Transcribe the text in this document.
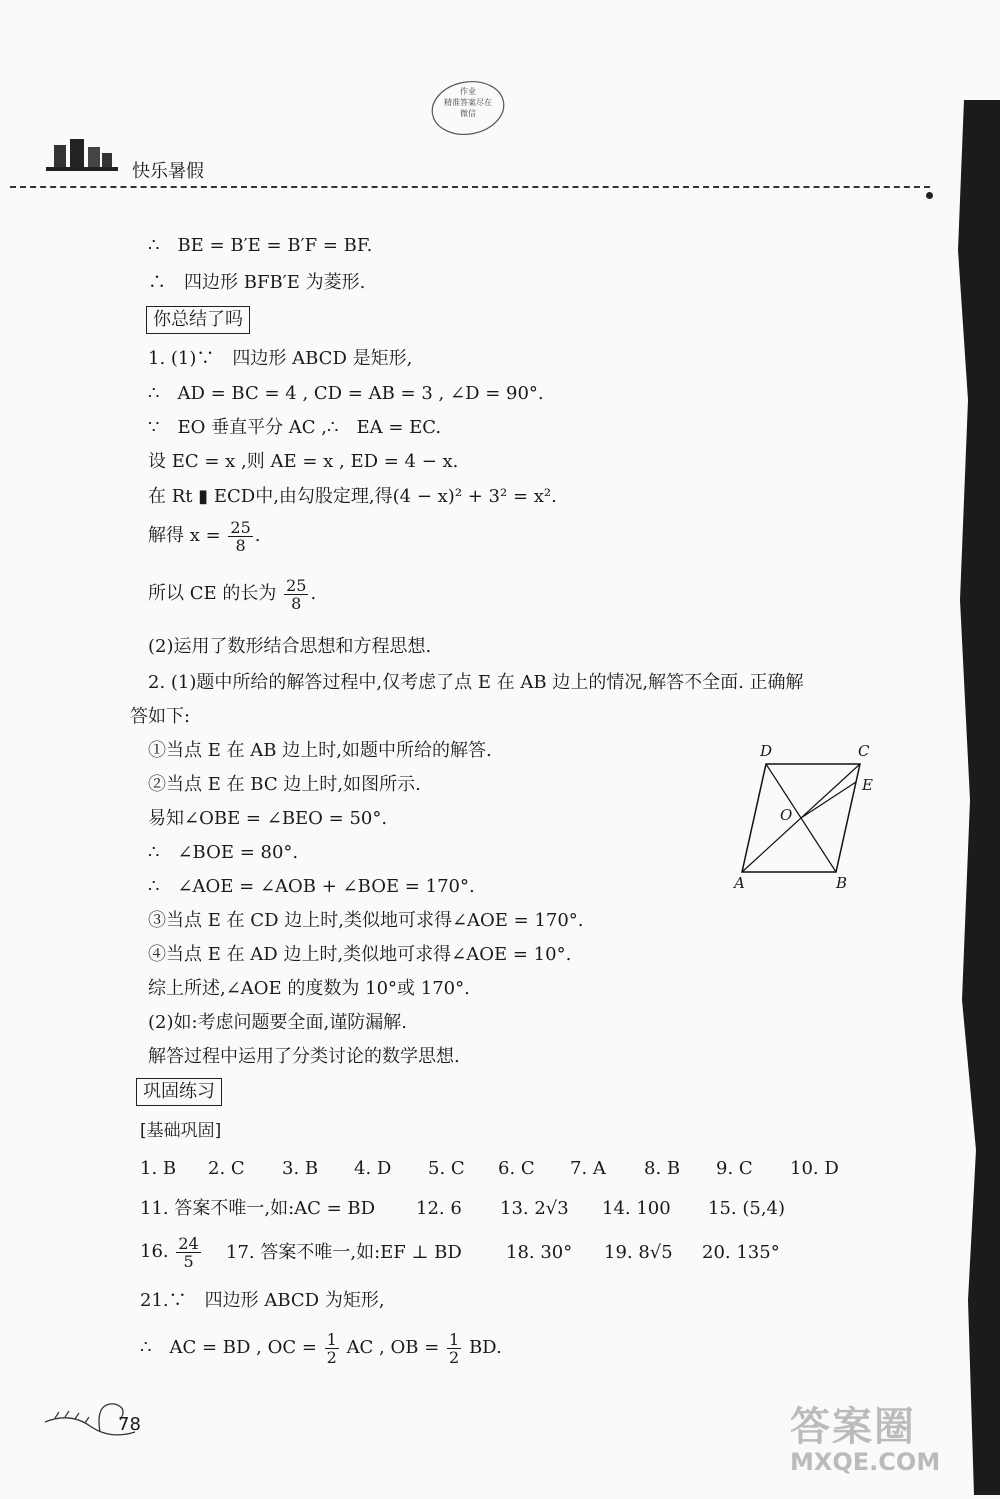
快乐暑假
作业
精准答案尽在
微信
∴　BE = B′E = B′F = BF.
∴　四边形 BFB′E 为菱形.
你总结了吗
1. (1)∵　四边形 ABCD 是矩形,
∴　AD = BC = 4 , CD = AB = 3 , ∠D = 90°.
∵　EO 垂直平分 AC ,∴　EA = EC.
设 EC = x ,则 AE = x , ED = 4 − x.
在 Rt ▮ ECD中,由勾股定理,得(4 − x)² + 3² = x².
解得 $x = \frac{25}{8}$ .
所以 CE 的长为 $\frac{25}{8}$ .
(2)运用了数形结合思想和方程思想.
2. (1)题中所给的解答过程中,仅考虑了点 E 在 AB 边上的情况,解答不全面. 正确解
答如下:
①当点 E 在 AB 边上时,如题中所给的解答.
②当点 E 在 BC 边上时,如图所示.
易知∠OBE = ∠BEO = 50°.
∴　∠BOE = 80°.
∴　∠AOE = ∠AOB + ∠BOE = 170°.
③当点 E 在 CD 边上时,类似地可求得∠AOE = 170°.
④当点 E 在 AD 边上时,类似地可求得∠AOE = 10°.
综上所述,∠AOE 的度数为 10°或 170°.
(2)如:考虑问题要全面,谨防漏解.
解答过程中运用了分类讨论的数学思想.
D	C
E
O
A	B
巩固练习
[基础巩固]
1. B 2. C 3. B 4. D 5. C 6. C 7. A 8. B 9. C 10. D
11. 答案不唯一,如:AC = BD 12. 6 13. 2√3 14. 100 15. (5,4)
16. $\frac{24}{5} 17$. 答案不唯一,如:EF ⊥ BD 18. 30° 19. 8√5 20. 135°
21.∵　四边形 ABCD 为矩形,
∴　AC = BD , OC = $\frac{1}{2}$ AC , OB = $\frac{1}{2}$ BD.
78	答案圈
MXQE.COM
